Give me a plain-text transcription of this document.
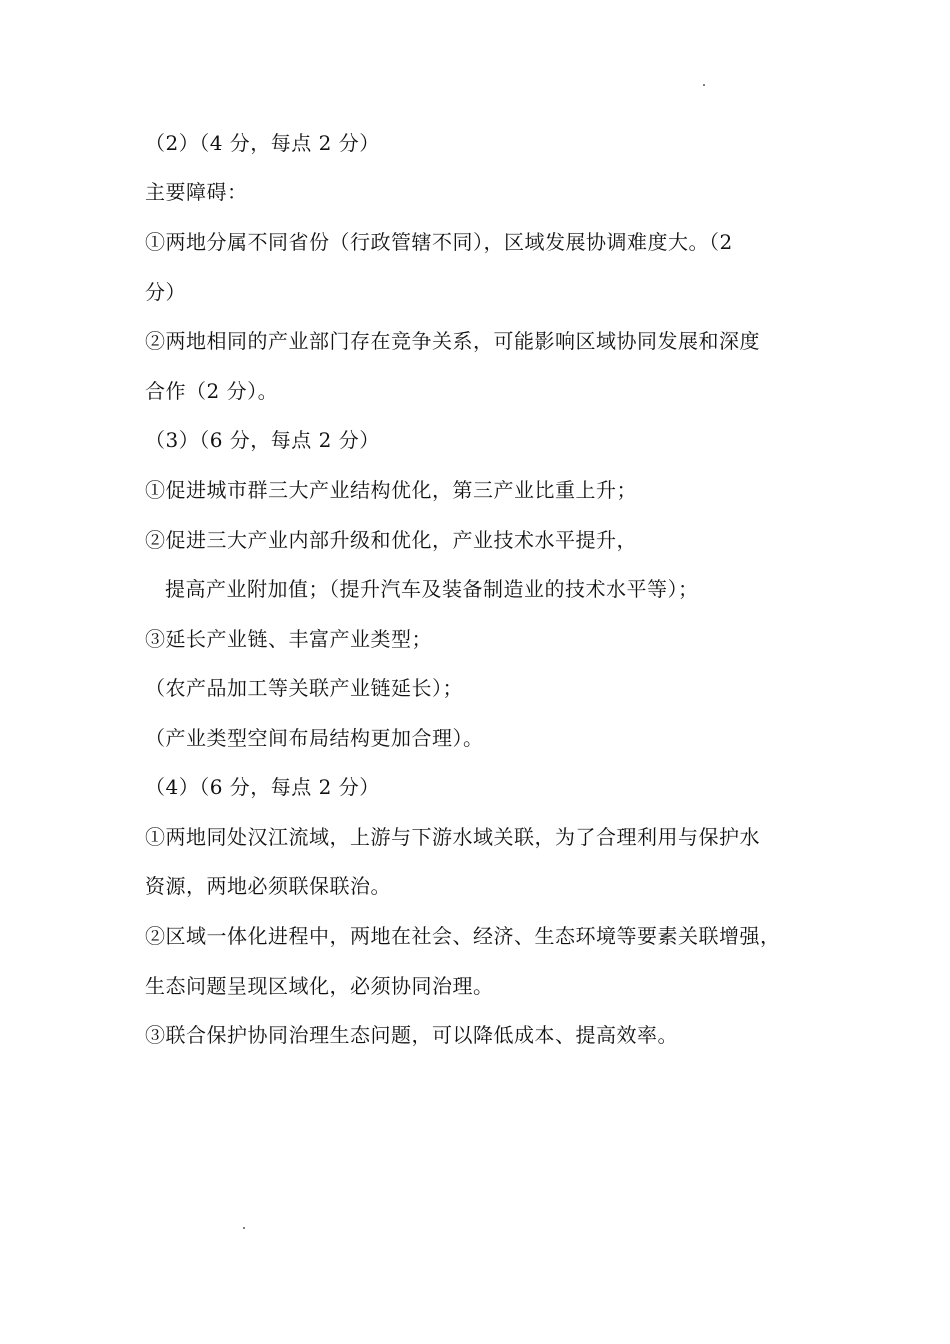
（2）（4 分，每点 2 分）
主要障碍：
①两地分属不同省份（行政管辖不同），区域发展协调难度大。（2
分）
②两地相同的产业部门存在竞争关系，可能影响区域协同发展和深度
合作（2 分）。
（3）（6 分，每点 2 分）
①促进城市群三大产业结构优化，第三产业比重上升；
②促进三大产业内部升级和优化，产业技术水平提升，
提高产业附加值；（提升汽车及装备制造业的技术水平等）；
③延长产业链、丰富产业类型；
（农产品加工等关联产业链延长）；
（产业类型空间布局结构更加合理）。
（4）（6 分，每点 2 分）
①两地同处汉江流域，上游与下游水域关联，为了合理利用与保护水
资源，两地必须联保联治。
②区域一体化进程中，两地在社会、经济、生态环境等要素关联增强，
生态问题呈现区域化，必须协同治理。
③联合保护协同治理生态问题，可以降低成本、提高效率。
